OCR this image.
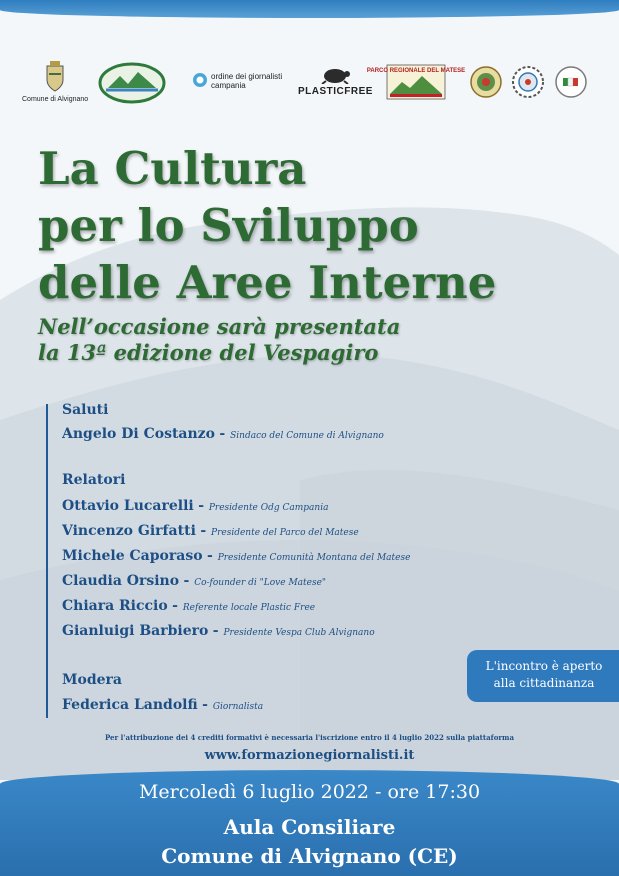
Comune di Alvignano
ordine dei giornalisti campania
PLASTICFREE
PARCO REGIONALE DEL MATESE
La Cultura
per lo Sviluppo
delle Aree Interne
Nell’occasione sarà presentata
la 13ª edizione del Vespagiro
Saluti
Angelo Di Costanzo - Sindaco del Comune di Alvignano
Relatori
Ottavio Lucarelli - Presidente Odg Campania
Vincenzo Girfatti - Presidente del Parco del Matese
Michele Caporaso - Presidente Comunità Montana del Matese
Claudia Orsino - Co-founder di "Love Matese"
Chiara Riccio - Referente locale Plastic Free
Gianluigi Barbiero - Presidente Vespa Club Alvignano
Modera
Federica Landolfi - Giornalista
L'incontro è aperto
alla cittadinanza
Per l'attribuzione dei 4 crediti formativi è necessaria l'iscrizione entro il 4 luglio 2022 sulla piattaforma
www.formazionegiornalisti.it
Mercoledì 6 luglio 2022 - ore 17:30
Aula Consiliare
Comune di Alvignano (CE)
